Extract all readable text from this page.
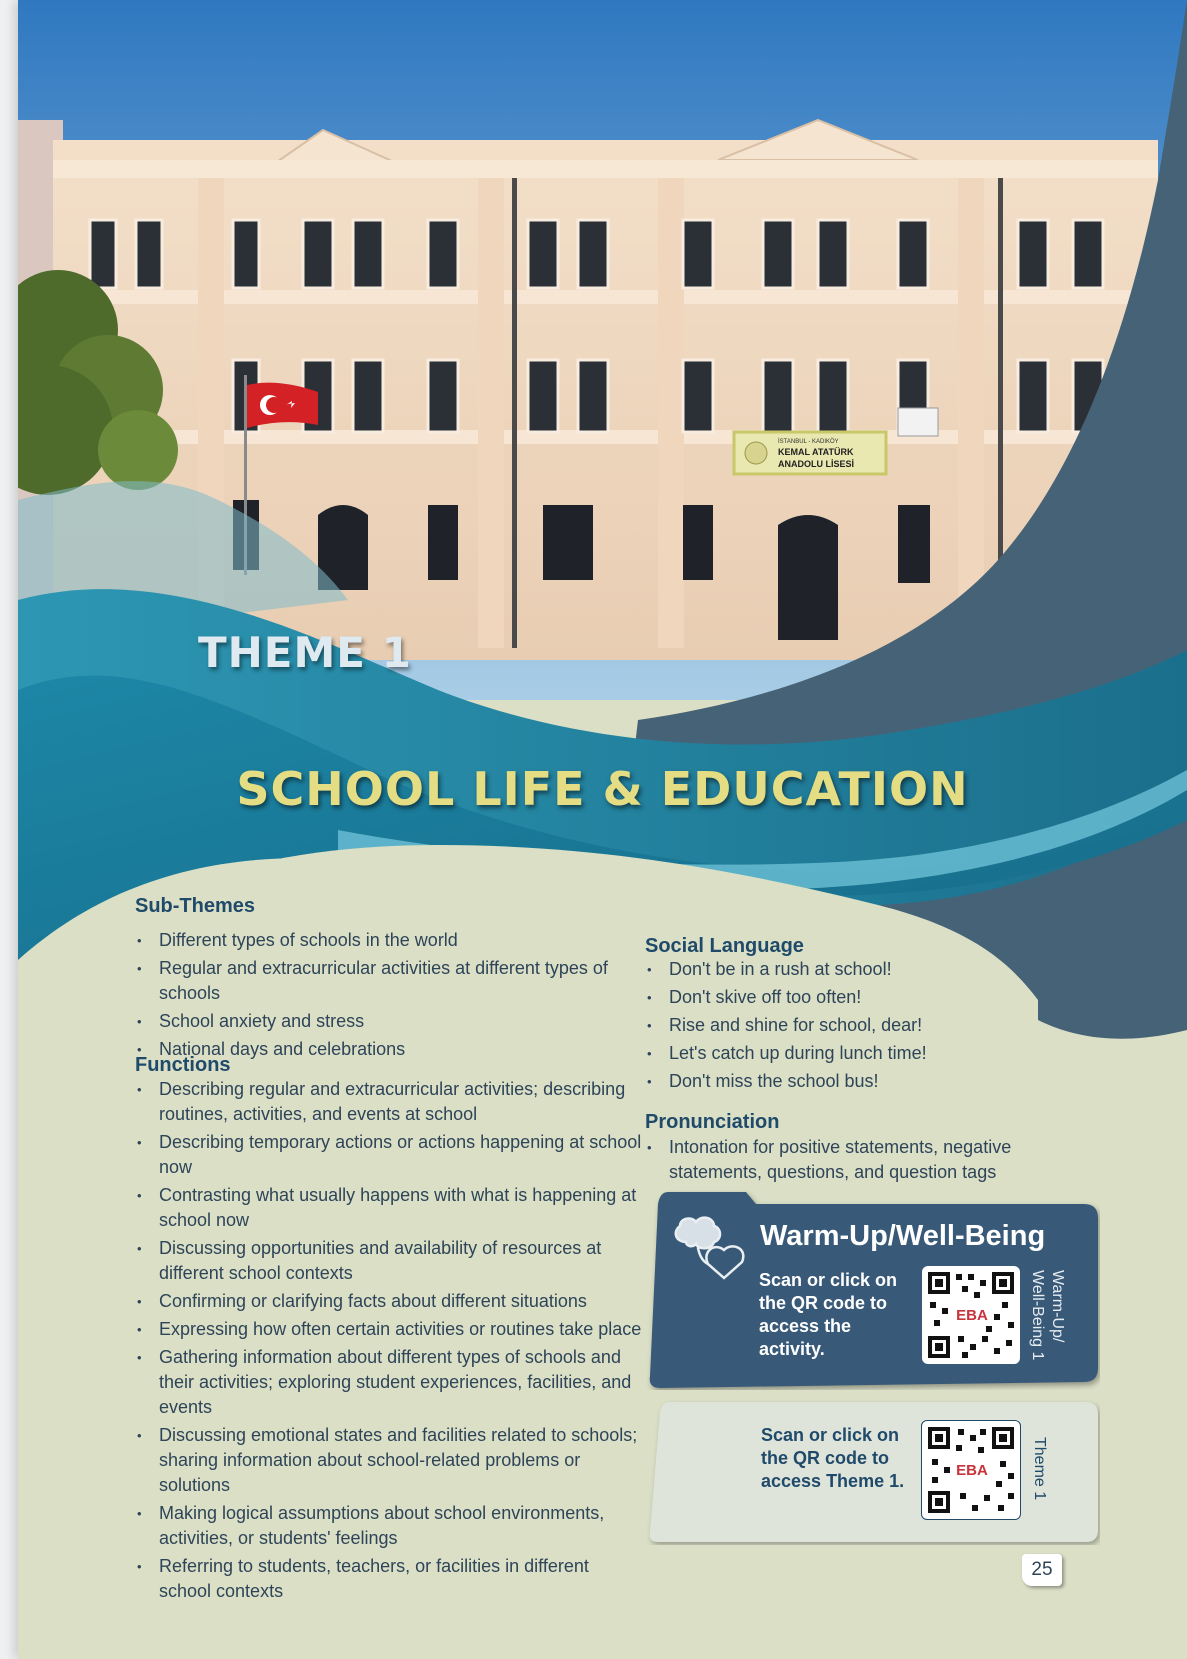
İSTANBUL - KADIKÖY
KEMAL ATATÜRK
ANADOLU LİSESİ
THEME 1
SCHOOL LIFE & EDUCATION
Sub-Themes
• Different types of schools in the world
• Regular and extracurricular activities at different types of schools
• School anxiety and stress
• National days and celebrations
Functions
• Describing regular and extracurricular activities; describing routines, activities, and events at school
• Describing temporary actions or actions happening at school now
• Contrasting what usually happens with what is happening at school now
• Discussing opportunities and availability of resources at different school contexts
• Confirming or clarifying facts about different situations
• Expressing how often certain activities or routines take place
• Gathering information about different types of schools and their activities; exploring student experiences, facilities, and events
• Discussing emotional states and facilities related to schools; sharing information about school-related problems or solutions
• Making logical assumptions about school environments, activities, or students' feelings
• Referring to students, teachers, or facilities in different school contexts
Social Language
• Don't be in a rush at school!
• Don't skive off too often!
• Rise and shine for school, dear!
• Let's catch up during lunch time!
• Don't miss the school bus!
Pronunciation
• Intonation for positive statements, negative statements, questions, and question tags
Warm-Up/Well-Being
Scan or click on the QR code to access the activity.
EBA	Warm-Up/
Well-Being 1
Scan or click on the QR code to access Theme 1.
EBA	Theme 1
25
